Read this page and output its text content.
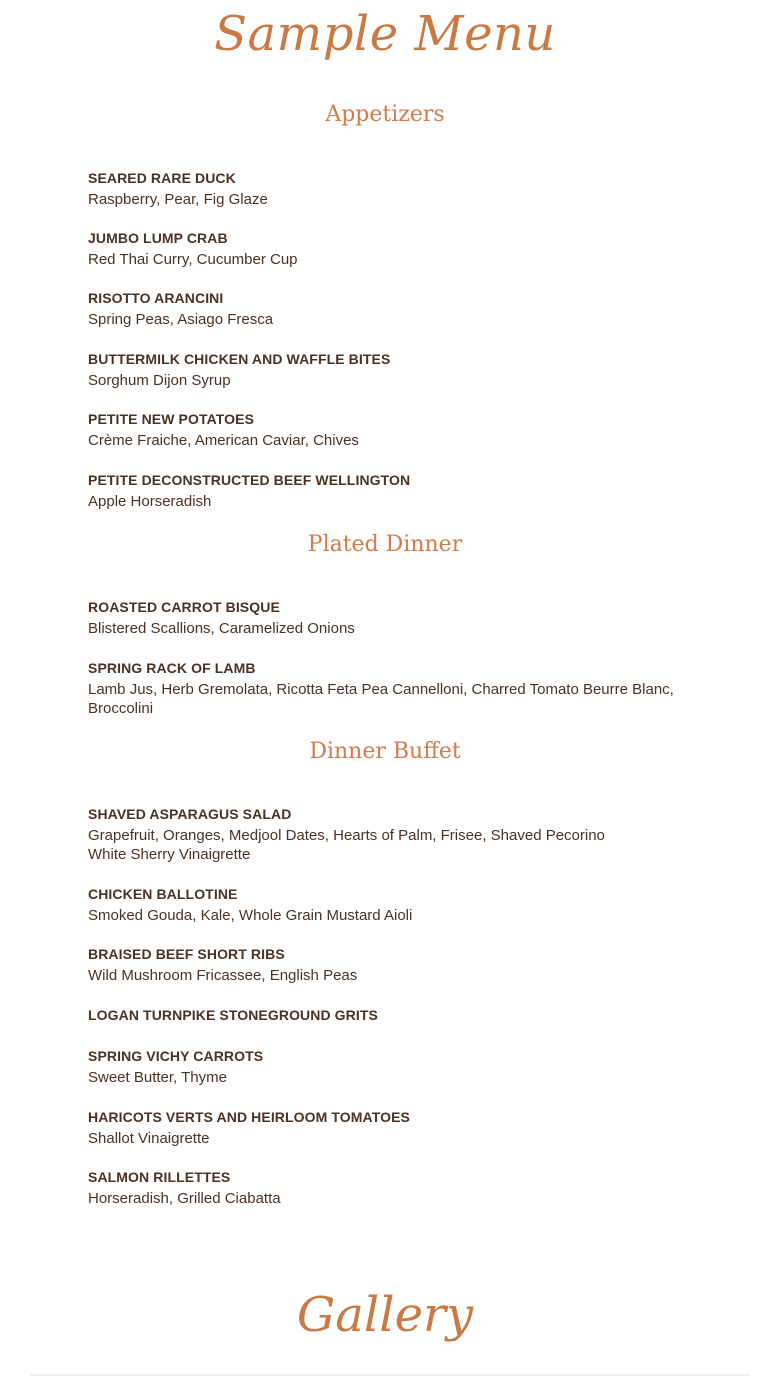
Sample Menu
Appetizers

SEARED RARE DUCK

Raspberry, Pear, Fig Glaze

JUMBO LUMP CRAB

Red Thai Curry, Cucumber Cup

RISOTTO ARANCINI

Spring Peas, Asiago Fresca

BUTTERMILK CHICKEN AND WAFFLE BITES

Sorghum Dijon Syrup

PETITE NEW POTATOES

Crème Fraiche, American Caviar, Chives

PETITE DECONSTRUCTED BEEF WELLINGTON

Apple Horseradish

Plated Dinner

ROASTED CARROT BISQUE

Blistered Scallions, Caramelized Onions

SPRING RACK OF LAMB

Lamb Jus, Herb Gremolata, Ricotta Feta Pea Cannelloni, Charred Tomato Beurre Blanc,
Broccolini

Dinner Buffet

SHAVED ASPARAGUS SALAD

Grapefruit, Oranges, Medjool Dates, Hearts of Palm, Frisee, Shaved Pecorino
White Sherry Vinaigrette

CHICKEN BALLOTINE

Smoked Gouda, Kale, Whole Grain Mustard Aioli

BRAISED BEEF SHORT RIBS

Wild Mushroom Fricassee, English Peas

LOGAN TURNPIKE STONEGROUND GRITS

SPRING VICHY CARROTS

Sweet Butter, Thyme

HARICOTS VERTS AND HEIRLOOM TOMATOES

Shallot Vinaigrette

SALMON RILLETTES

Horseradish, Grilled Ciabatta

Gallery
